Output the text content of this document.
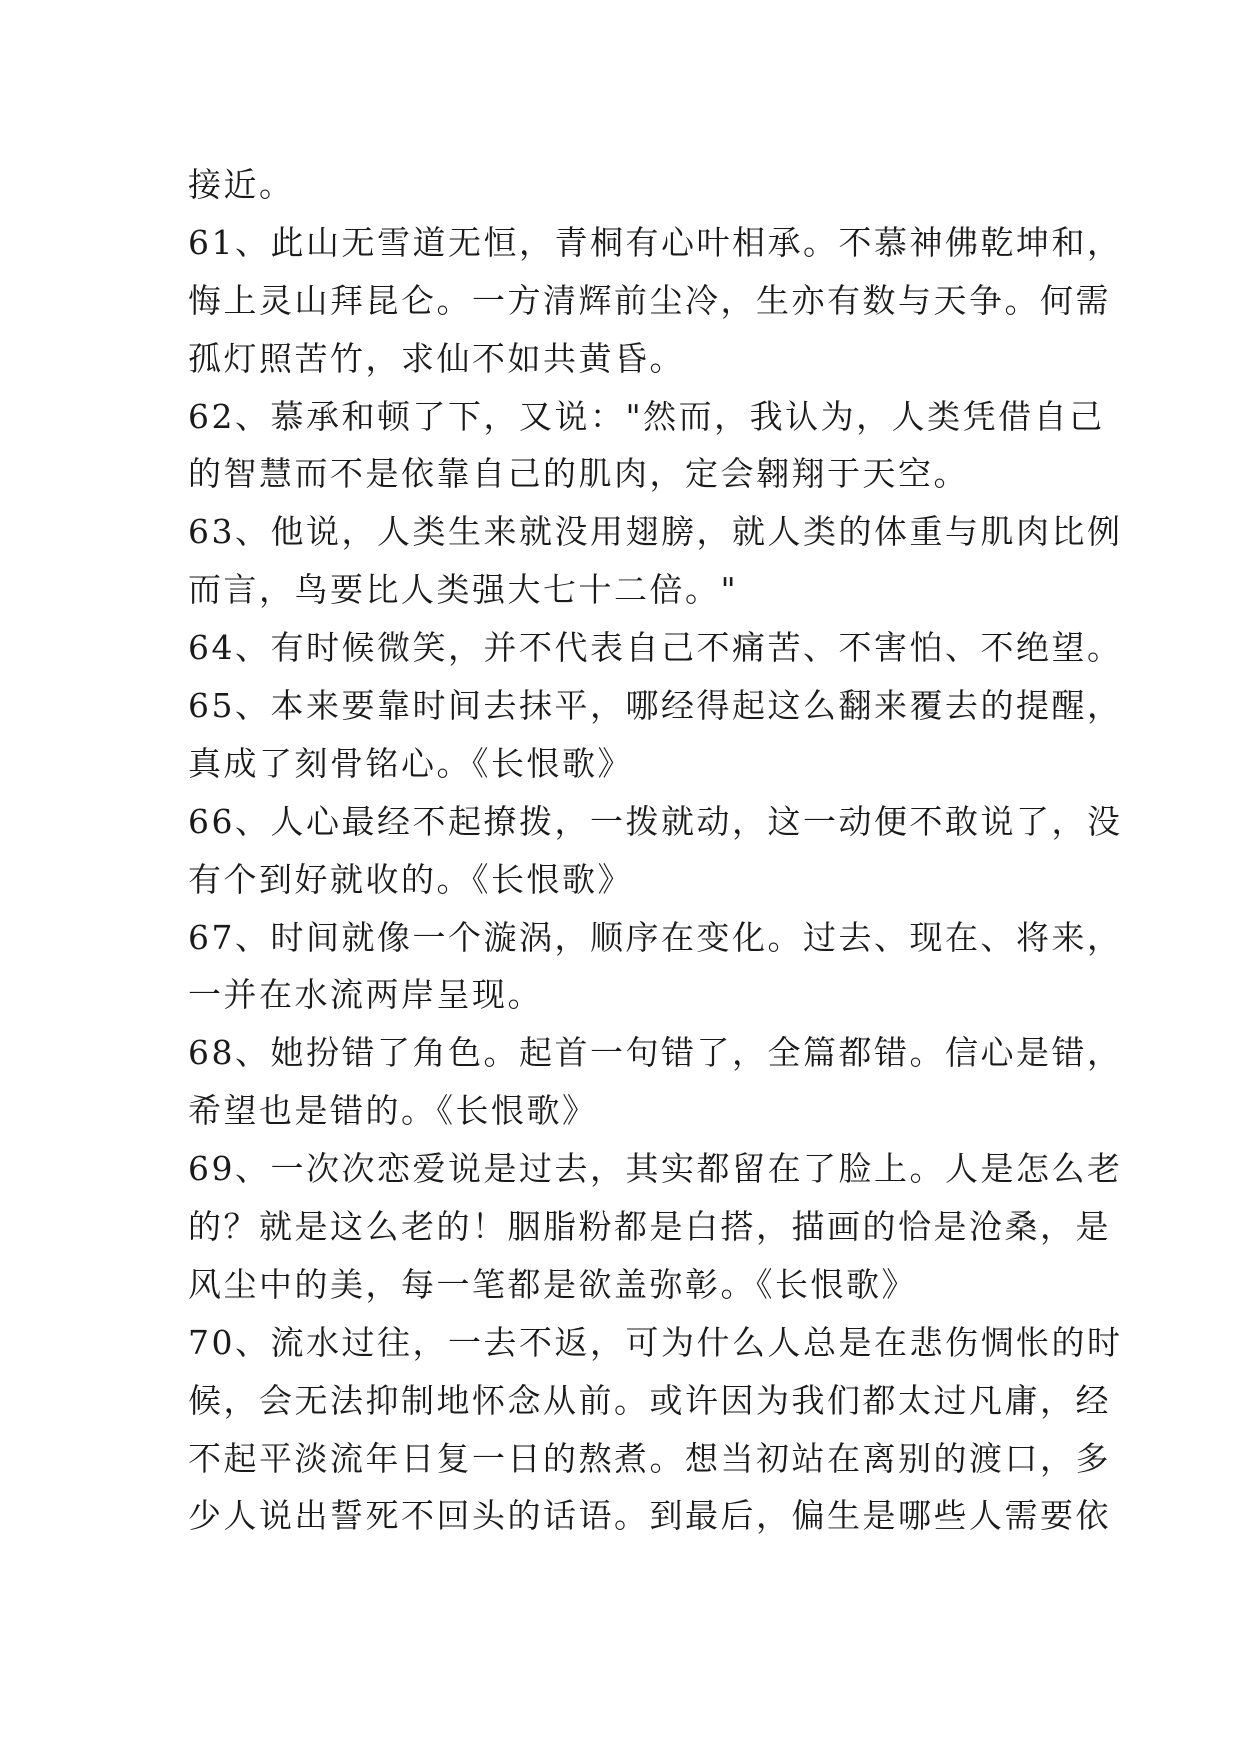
接近。

61、此山无雪道无恒，青桐有心叶相承。不慕神佛乾坤和，

悔上灵山拜昆仑。一方清辉前尘冷，生亦有数与天争。何需

孤灯照苦竹，求仙不如共黄昏。

62、慕承和顿了下，又说："然而，我认为，人类凭借自己

的智慧而不是依靠自己的肌肉，定会翱翔于天空。

63、他说，人类生来就没用翅膀，就人类的体重与肌肉比例

而言，鸟要比人类强大七十二倍。"

64、有时候微笑，并不代表自己不痛苦、不害怕、不绝望。

65、本来要靠时间去抹平，哪经得起这么翻来覆去的提醒，

真成了刻骨铭心。《长恨歌》

66、人心最经不起撩拨，一拨就动，这一动便不敢说了，没

有个到好就收的。《长恨歌》

67、时间就像一个漩涡，顺序在变化。过去、现在、将来，

一并在水流两岸呈现。

68、她扮错了角色。起首一句错了，全篇都错。信心是错，

希望也是错的。《长恨歌》

69、一次次恋爱说是过去，其实都留在了脸上。人是怎么老

的？就是这么老的！胭脂粉都是白搭，描画的恰是沧桑，是

风尘中的美，每一笔都是欲盖弥彰。《长恨歌》

70、流水过往，一去不返，可为什么人总是在悲伤惆怅的时

候，会无法抑制地怀念从前。或许因为我们都太过凡庸，经

不起平淡流年日复一日的熬煮。想当初站在离别的渡口，多

少人说出誓死不回头的话语。到最后，偏生是哪些人需要依
